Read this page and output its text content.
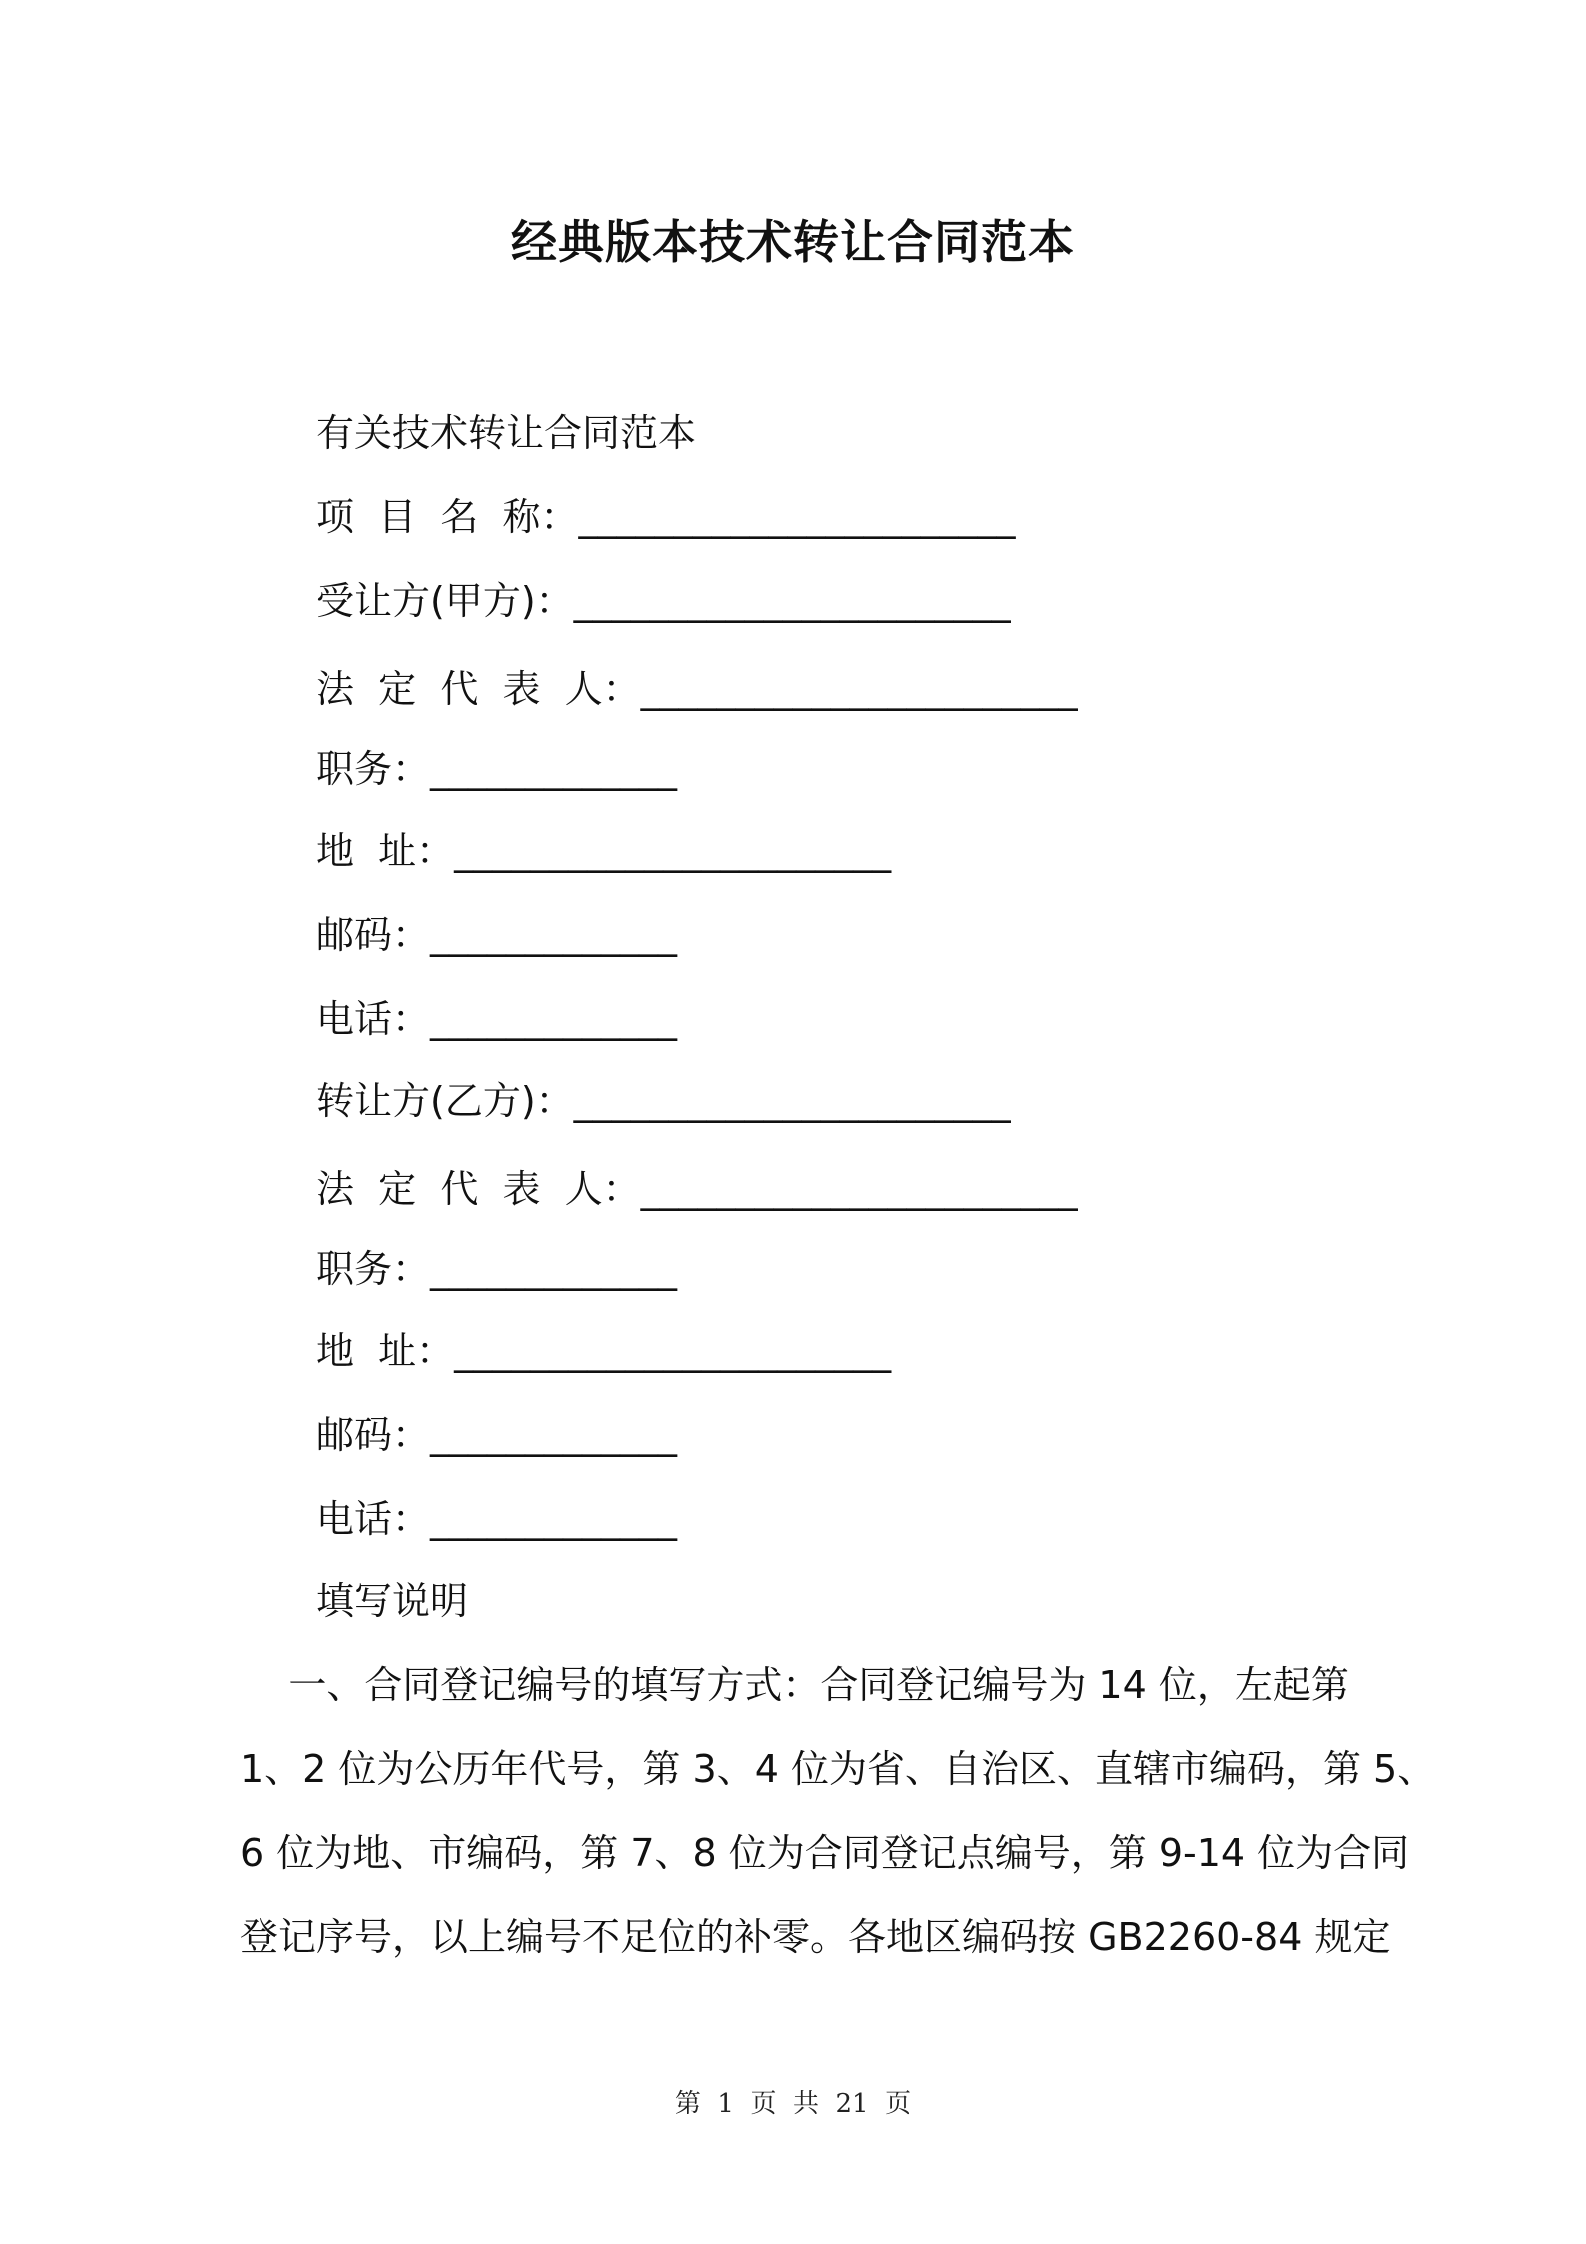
经典版本技术转让合同范本
有关技术转让合同范本
项  目  名  称：_______________________
受让方(甲方)：_______________________
法  定  代  表  人：_______________________
职务：_____________
地  址：_______________________
邮码：_____________
电话：_____________
转让方(乙方)：_______________________
法  定  代  表  人：_______________________
职务：_____________
地  址：_______________________
邮码：_____________
电话：_____________
填写说明
一、合同登记编号的填写方式：合同登记编号为 14 位，左起第
1、2 位为公历年代号，第 3、4 位为省、自治区、直辖市编码，第 5、
6 位为地、市编码，第 7、8 位为合同登记点编号，第 9-14 位为合同
登记序号，以上编号不足位的补零。各地区编码按 GB2260-84 规定
第  1  页  共  21  页
